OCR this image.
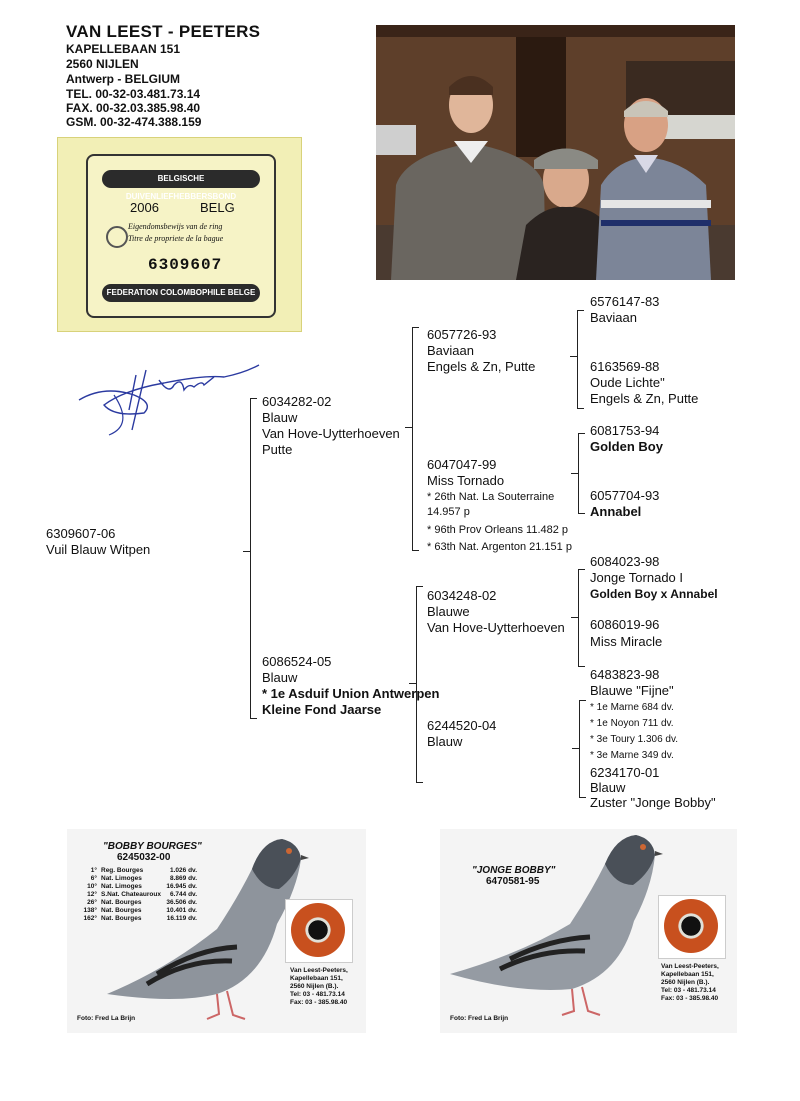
VAN LEEST - PEETERS
KAPELLEBAAN 151
2560 NIJLEN
Antwerp - BELGIUM
TEL. 00-32-03.481.73.14
FAX. 00-32.03.385.98.40
GSM. 00-32-474.388.159
BELGISCHE DUIVENLIEFHEBBERSBOND
2006	BELG
Eigendomsbewijs van de ring
Titre de propriete de la bague
6309607
FEDERATION COLOMBOPHILE BELGE
6309607-06
Vuil Blauw Witpen
6034282-02
Blauw
Van Hove-Uytterhoeven
Putte
6086524-05
Blauw
* 1e Asduif Union Antwerpen
Kleine Fond Jaarse
6057726-93
Baviaan
Engels & Zn, Putte
6047047-99
Miss Tornado
* 26th Nat. La Souterraine
14.957 p
* 96th Prov Orleans 11.482 p
* 63th Nat. Argenton 21.151 p
6034248-02
Blauwe
Van Hove-Uytterhoeven
6244520-04
Blauw
6576147-83
Baviaan
6163569-88
Oude Lichte"
Engels & Zn, Putte
6081753-94
Golden Boy
6057704-93
Annabel
6084023-98
Jonge Tornado I
Golden Boy x Annabel
6086019-96
Miss Miracle
6483823-98
Blauwe "Fijne"
* 1e Marne 684 dv.
* 1e Noyon 711 dv.
* 3e Toury 1.306 dv.
* 3e Marne 349 dv.
6234170-01
Blauw
Zuster "Jonge Bobby"
"BOBBY BOURGES"
6245032-00
1°
6°
10°
12°
26°
138°
162°
Reg. Bourges
Nat. Limoges
Nat. Limoges
S.Nat. Chateauroux
Nat. Bourges
Nat. Bourges
Nat. Bourges
1.026 dv.
8.869 dv.
16.945 dv.
6.744 dv.
36.506 dv.
10.401 dv.
16.119 dv.
Van Leest-Peeters,
Kapellebaan 151,
2560 Nijlen (B.).
Tel: 03 - 481.73.14
Fax: 03 - 385.98.40
Foto: Fred La Brijn
"JONGE BOBBY"
6470581-95
Van Leest-Peeters,
Kapellebaan 151,
2560 Nijlen (B.).
Tel: 03 - 481.73.14
Fax: 03 - 385.98.40
Foto: Fred La Brijn
